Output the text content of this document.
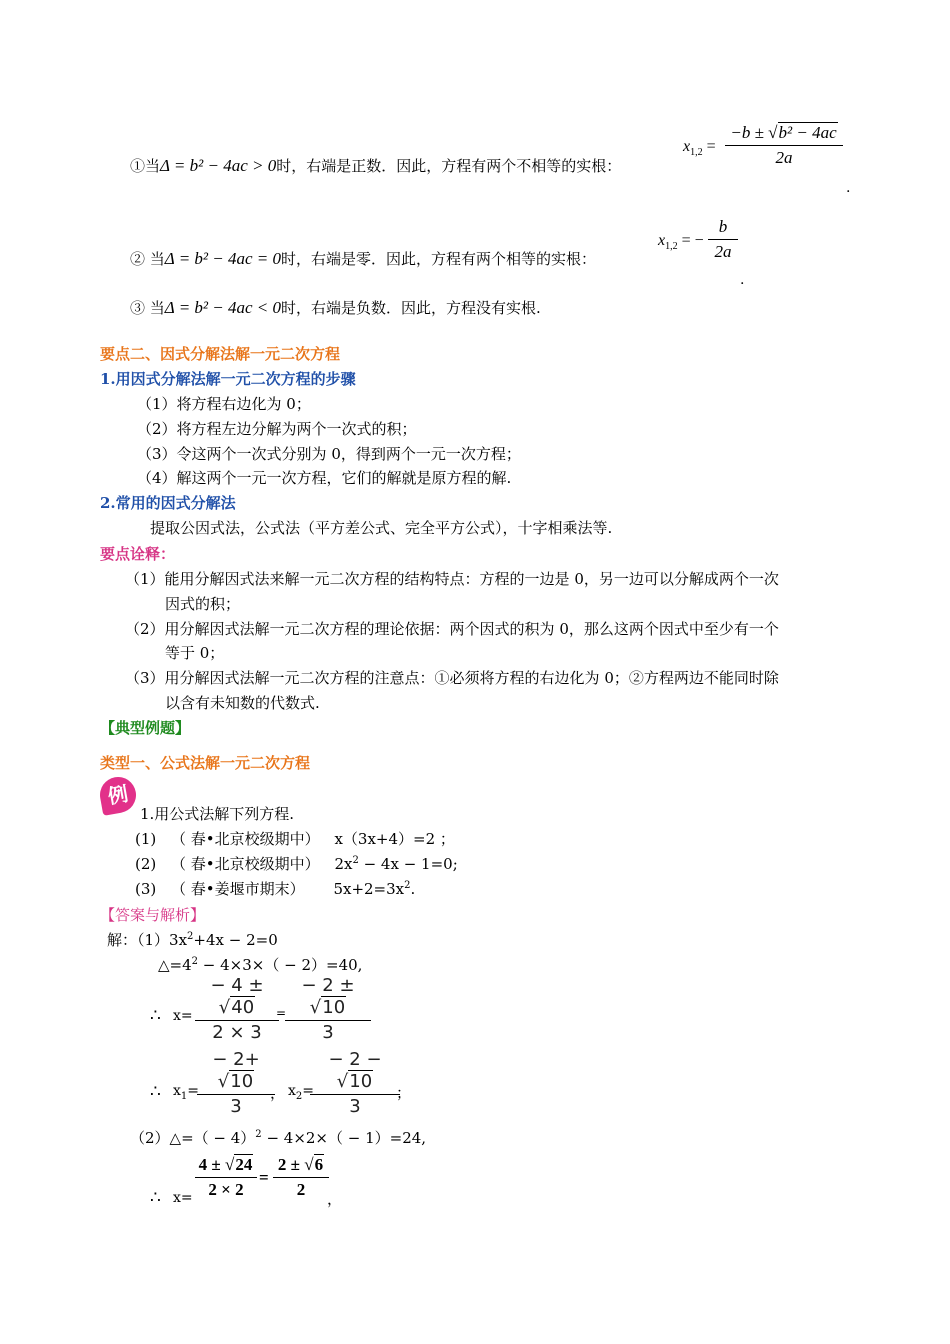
①当Δ = b² − 4ac > 0时，右端是正数．因此，方程有两个不相等的实根：
$x_{1,2}$ =
−b ± √b² − 4ac
2a
.
② 当Δ = b² − 4ac = 0时，右端是零．因此，方程有两个相等的实根：
$x_{1,2}$ = −
b
2a
.
③ 当Δ = b² − 4ac < 0时，右端是负数．因此，方程没有实根.
要点二、因式分解法解一元二次方程
1.用因式分解法解一元二次方程的步骤
（1）将方程右边化为 0；
（2）将方程左边分解为两个一次式的积；
（3）令这两个一次式分别为 0，得到两个一元一次方程；
（4）解这两个一元一次方程，它们的解就是原方程的解.
2.常用的因式分解法
提取公因式法，公式法（平方差公式、完全平方公式），十字相乘法等.
要点诠释：
（1）能用分解因式法来解一元二次方程的结构特点：方程的一边是 0，另一边可以分解成两个一次
因式的积；
（2）用分解因式法解一元二次方程的理论依据：两个因式的积为 0，那么这两个因式中至少有一个
等于 0；
（3）用分解因式法解一元二次方程的注意点：①必须将方程的右边化为 0；②方程两边不能同时除
以含有未知数的代数式.
【典型例题】
类型一、公式法解一元二次方程
例
1.用公式法解下列方程.
(1) （ 春•北京校级期中） x（3x+4）=2 ；
(2) （ 春•北京校级期中） $2x^2 - 4x - 1=0$;
(3) （ 春•姜堰市期末） $5x+2=3x^2$.
【答案与解析】
解：$(1)3x^2+4x - 2=0$
$\triangle=4^2 - 4\times 3\times( - 2)=40$,
∴ x=
− 4 ± √40
2 × 3
=
− 2 ± √10
3
∴ $x_1=$
− 2+√10
3
， $x_2=$
− 2 − √10
3
；
（2）△=（ − 4）$^2$ − 4×2×（ − 1）=24,
∴ x=
4 ± √24
2 × 2
=
2 ± √6
2	，
